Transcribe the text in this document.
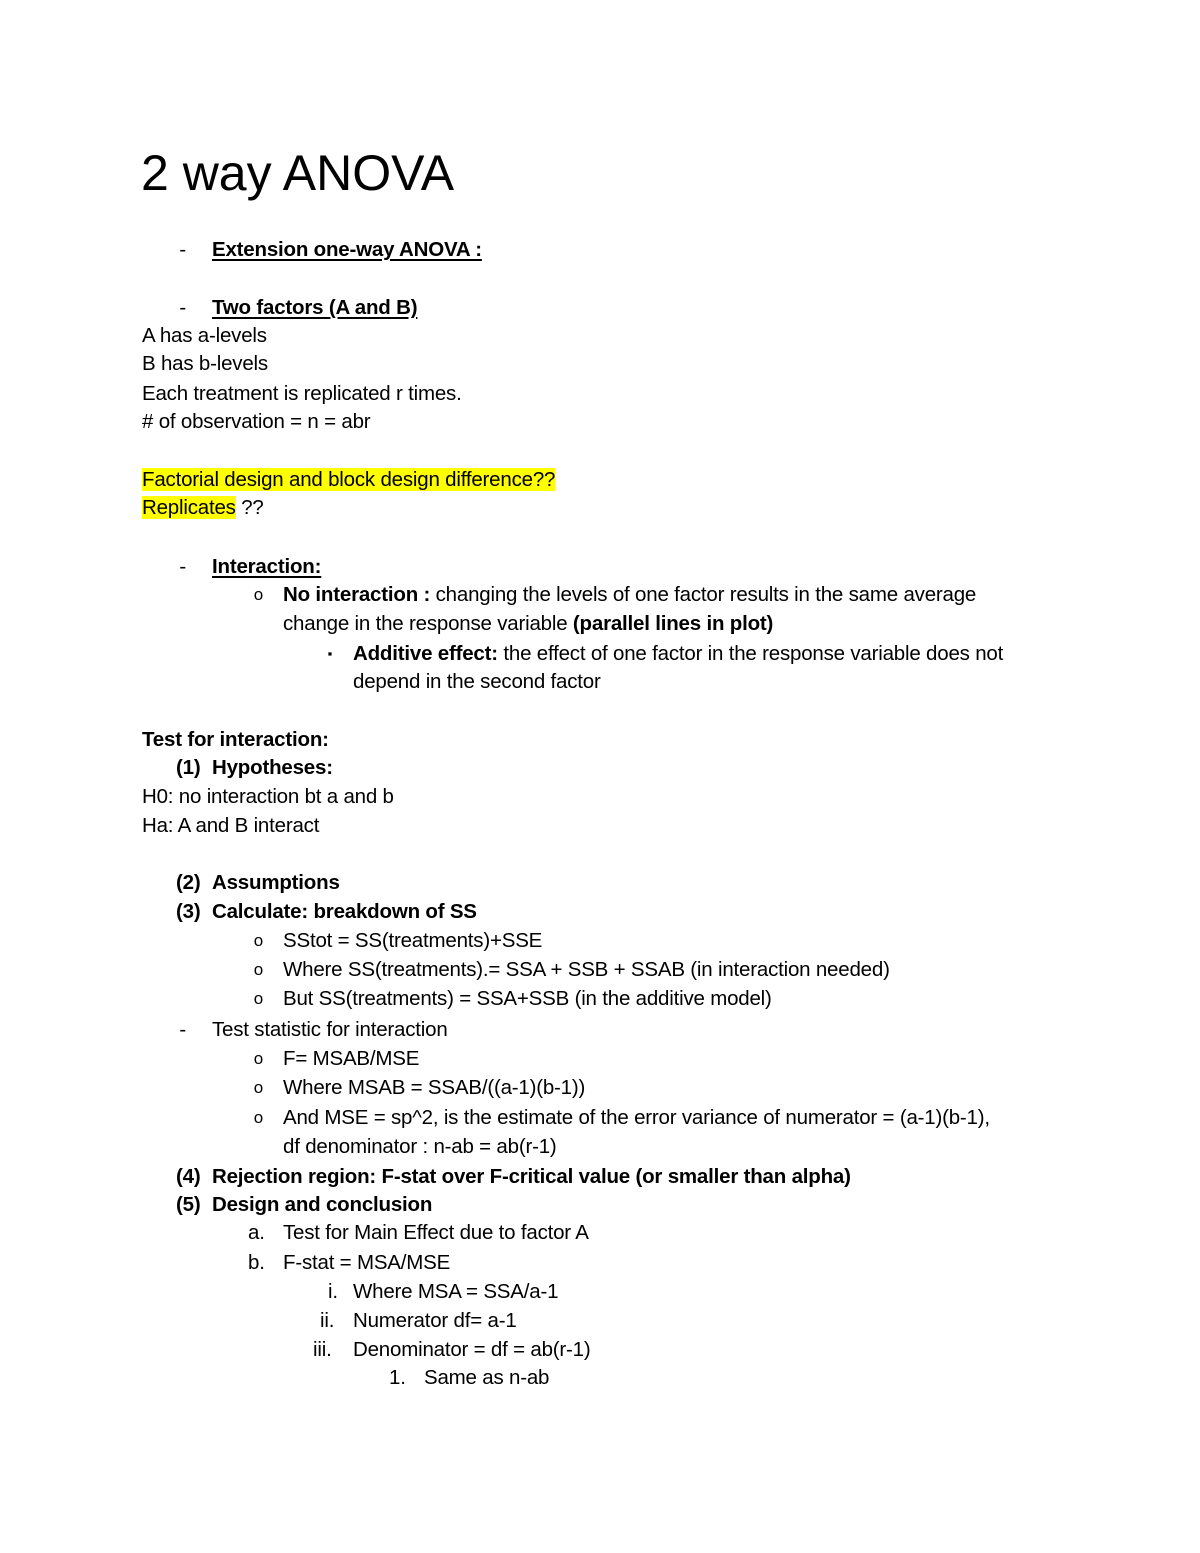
2 way ANOVA
- Extension one-way ANOVA :
- Two factors (A and B)
A has a-levels
B has b-levels
Each treatment is replicated r times.
# of observation = n = abr
Factorial design and block design difference??
Replicates ??
- Interaction:
o No interaction : changing the levels of one factor results in the same average
change in the response variable (parallel lines in plot)
▪ Additive effect: the effect of one factor in the response variable does not
depend in the second factor
Test for interaction:
(1) Hypotheses:
H0: no interaction bt a and b
Ha: A and B interact
(2) Assumptions
(3) Calculate: breakdown of SS
o SStot = SS(treatments)+SSE
o Where SS(treatments).= SSA + SSB + SSAB (in interaction needed)
o But SS(treatments) = SSA+SSB (in the additive model)
- Test statistic for interaction
o F= MSAB/MSE
o Where MSAB = SSAB/((a-1)(b-1))
o And MSE = sp^2, is the estimate of the error variance of numerator = (a-1)(b-1),
df denominator : n-ab = ab(r-1)
(4) Rejection region: F-stat over F-critical value (or smaller than alpha)
(5) Design and conclusion
a. Test for Main Effect due to factor A
b. F-stat = MSA/MSE
i. Where MSA = SSA/a-1
ii. Numerator df= a-1
iii. Denominator = df = ab(r-1)
1. Same as n-ab
